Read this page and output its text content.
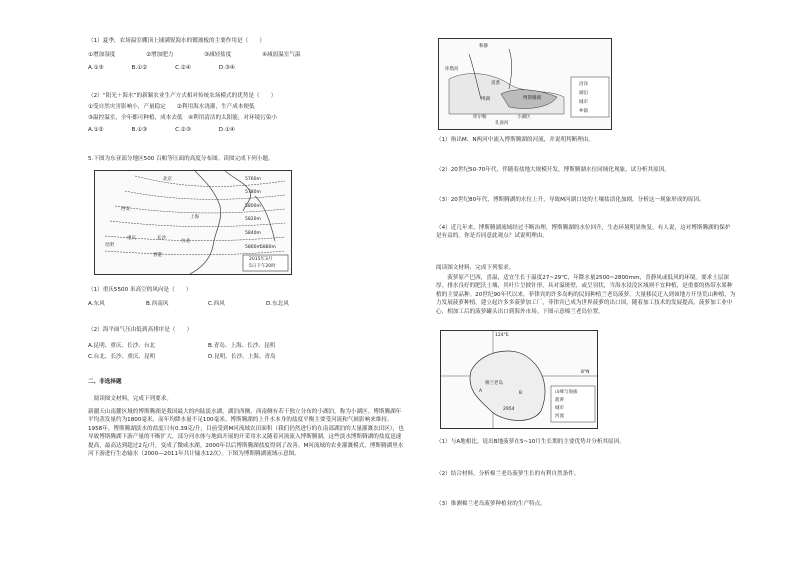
（1）夏季，农场温室棚顶上铺满锐海水的镀玻板的主要作用是（　　）
①增加湿度	②增加肥力	③减轻盐度	④减弱温室气温
A.①③　　　　　B.①②　　　　　C.②④　　　　　D.③④
（2）“阳光＋海水”的新颖农业生产方式相对传统农场模式的优势是（　　）
①受自然灾害影响小，产量稳定　　②利用海水浇灌，生产成本便低
③温控温室，全年都可种植，成本去低　④利用清洁的太阳能，对环境污染小
A.①②　　　　　B.①③　　　　　C.②③　　　　　D.①④
5.下图为东亚部分地区500 百帕等压面的高度分布图。读图完成下列小题。
北京
西安
上海
长沙
昆明
重庆
台北
香港
5760m
5780m
5800m
5820m
5840m
5860m 5880m
2015年3月
5日下午20时
（1）重庆5500 米高空的风向是（　　）
A.东风	B.西南风	C.西风	D.东北风
（2）海平面气压由低到高排序是（　　）
A.昆明、重庆、长沙、台北	B.青岛、上海、长沙、昆明
C.台北、长沙、重庆、昆明	D.昆明、长沙、上海、青岛
二、非选择题
　阅读图文材料，完成下列要求。
新疆天山南麓区域的博斯腾湖是我国最大的内陆淡水湖，湖泊西侧、西南侧有若干独立分布的小湖泊，称为小湖区。博斯腾湖年平均蒸发量约为1800毫米，而年均降水量不足100毫米。博斯腾湖的上升水本身的盐度平衡主要受河流和气候影响来维持。1958年，博斯腾湖淡水的盐度只有0.39克/升，目前受到M河流域农田面积（我们仍然进行的在南部湖泊的大量灌溉农田区），也导致博斯腾湖下游产量的不断扩大。部分河水体与地面开展的开采用水又随着河流流入博斯腾湖，这些淡水博斯腾湖的盐度迅速提高，最高达到超过2克/升，变成了微咸水湖。2000年以后博斯腾湖盐度得到了改善。M河流域的农业灌溉模式，博斯腾湖里水河下游进行生态输水（2000—2011年共计输水12次）。下图为博斯腾湖流域示意图。
和静
博湖
焉耆
库尔勒
博斯腾湖
小湖区
库塔河
孔雀河
沼泽
湖泊
城市
乡镇
（1）指出M、N两河中流入博斯腾湖的河流，并说明判断理由。
（2）20世纪50-70年代，伴随着盐地大规模开发，博斯腾湖水位同域化现象，试分析其原因。
（3）20世纪80年代，博斯腾湖的水位上升，导致M河湖口处的土壤盐渍化加剧，分析这一现象形成的原因。
（4）近几年来，博斯腾湖流域经过不断治理，博斯腾湖的水位回升，生态环境明显恢复。有人说，这对博斯腾湖的保护是有益的。你是否同意此观点？试说明理由。
阅读图文材料，完成下列要求。
　　菠萝原产巴西，喜温，适宜生长于温度27~29℃，年降水量2500~2800mm，喜静风或低风的环境。要求土层深厚、排水良好的肥沃土壤，其叶片呈披针形，具对溢斑壁，或呈羽状，当海水浸没区域则不宜种植，是重要的热带水果种植的主要品种。20世纪90年代以来，菲律宾的许多岛屿的民间种植兰老岛菠萝。大量移民迁入到该地方开垦荒山种植，为力发展菠萝种植，建立起许多多菠萝加工厂，菲律宾已成为世界菠萝的出口国，随着加工技术的发展提高，菠萝加工业中心，相加工后的菠萝罐头出口到海外市场。下图示意棉兰老岛位置。
124°E
8°N
棉兰老岛
A	B
2954
山峰与海拔
菠萝
城市
河流
（1）与A地相比，说出B地菠萝在5~10月生长期的主要优势并分析其原因。
（2）结合材料，分析棉兰老岛菠萝生长的有利自然条件。
（3）推测棉兰老岛菠萝种植业的生产特点。
